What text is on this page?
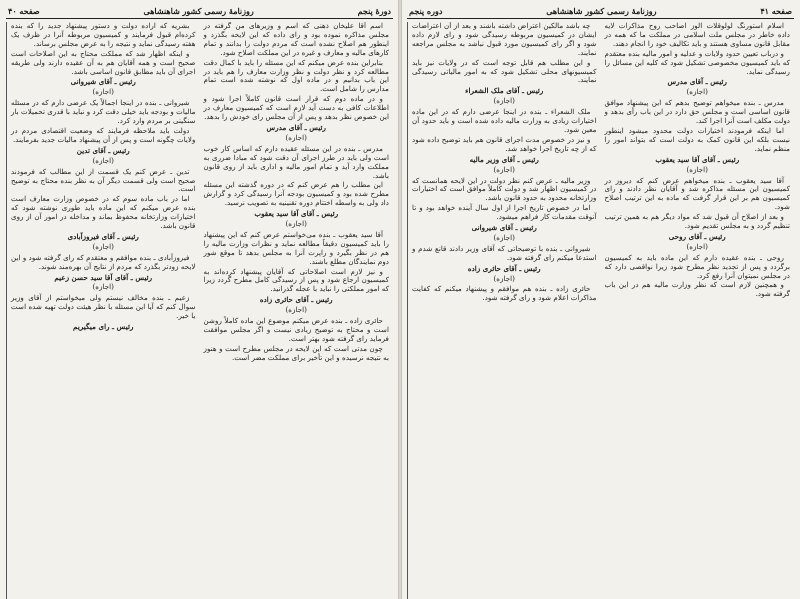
دورهٔ پنجم
روزنامهٔ رسمی کشور شاهنشاهی
صفحه ۴۰

اسم آقا علیخان ذهنی که اسم و وزیرهای من گرفته در مجلس مذاکره نموده بود و رای داده که این لایحه بگذرد و اینطور هم اصلاح نشده است که مردم دولت را بدانند و تمام کارهای مالیه و معارف و غیره در این مملکت اصلاح شود.

بنابراین بنده عرض میکنم که این مسئله را باید با کمال دقت مطالعه کرد و نظر دولت و نظر وزارت معارف را هم باید در این باب بدانیم و در ماده اول که نوشته شده است تمام مدارس را شامل است.

و در ماده دوم که قرار است قانون کاملاً اجرا شود و اطلاعات کافی به دست آید لازم است که کمیسیون معارف در این خصوص نظر بدهد و پس از آن مجلس رای خودش را بدهد.

رئیس ـ آقای مدرس

(اجازه)

مدرس ـ بنده در این مسئله عقیده دارم که اساس کار خوب است ولی باید در طرز اجرای آن دقت شود که مبادا ضرری به مملکت وارد آید و تمام امور مالیه و اداری باید از روی قانون باشد.

این مطلب را هم عرض کنم که در دوره گذشته این مسئله مطرح شده بود و کمیسیون بودجه آنرا رسیدگی کرد و گزارش داد ولی به واسطه اختتام دوره تقنینیه به تصویب نرسید.

رئیس ـ آقای آقا سید یعقوب

(اجازه)

آقا سید یعقوب ـ بنده می‌خواستم عرض کنم که این پیشنهاد را باید کمیسیون دقیقاً مطالعه نماید و نظرات وزارت مالیه را هم در نظر بگیرد و راپرت آنرا به مجلس بدهد تا موقع شور دوم نمایندگان مطلع باشند.

و نیز لازم است اصلاحاتی که آقایان پیشنهاد کرده‌اند به کمیسیون ارجاع شود و پس از رسیدگی کامل مطرح گردد زیرا که امور مملکتی را نباید با عجله گذرانید.

رئیس ـ آقای حائری زاده

(اجازه)

حائری زاده ـ بنده عرض میکنم موضوع این ماده کاملاً روشن است و محتاج به توضیح زیادی نیست و اگر مجلس موافقت فرماید رای گرفته شود بهتر است.

چون مدتی است که این لایحه در مجلس مطرح است و هنوز به نتیجه نرسیده و این تأخیر برای مملکت مضر است.

بشریه که اراده دولت و دستور پیشنهاد جدید را که بنده کرده‌ام قبول فرمایند و کمیسیون مربوطه آنرا در ظرف یک هفته رسیدگی نماید و نتیجه را به عرض مجلس برساند.

و اینکه اظهار شد که مملکت محتاج به این اصلاحات است صحیح است و همه آقایان هم به آن عقیده دارند ولی طریقه اجرای آن باید مطابق قانون اساسی باشد.

رئیس ـ آقای شیروانی

(اجازه)

شیروانی ـ بنده در اینجا اجمالاً یک عرضی دارم که در مسئله مالیات و بودجه باید خیلی دقت کرد و نباید با قدری تحمیلات بار سنگینی بر مردم وارد کرد.

دولت باید ملاحظه فرمایند که وضعیت اقتصادی مردم در ولایات چگونه است و پس از آن پیشنهاد مالیات جدید بفرمایند.

رئیس ـ آقای تدین

(اجازه)

تدین ـ عرض کنم یک قسمت از این مطالب که فرمودند صحیح است ولی قسمت دیگر آن به نظر بنده محتاج به توضیح است.

اما در باب ماده سوم که در خصوص وزارت معارف است بنده عرض میکنم که این ماده باید طوری نوشته شود که اختیارات وزارتخانه محفوظ بماند و مداخله در امور آن از روی قانون باشد.

رئیس ـ آقای فیروزآبادی

(اجازه)

فیروزآبادی ـ بنده موافقم و معتقدم که رای گرفته شود و این لایحه زودتر بگذرد که مردم از نتایج آن بهره‌مند شوند.

رئیس ـ آقای آقا سید حسن زعیم

(اجازه)

زعیم ـ بنده مخالف نیستم ولی میخواستم از آقای وزیر سوال کنم که آیا این مسئله با نظر هیئت دولت تهیه شده است یا خیر.

رئیس ـ رای میگیریم

صفحه ۴۱
روزنامهٔ رسمی کشور شاهنشاهی
دوره پنجم

اسلام استورنگ لولوقلات الوز اصاحب روح مذاکرات لایه داده خاطر در مجلس ملت اسلامی در مملکت ما که همه در مقابل قانون مساوی هستند و باید تکالیف خود را انجام دهند.

و درباب تعیین حدود ولایات و عدلیه و امور مالیه بنده معتقدم که باید کمیسیون مخصوصی تشکیل شود که کلیه این مسائل را رسیدگی نماید.

رئیس ـ آقای مدرس

(اجازه)

مدرس ـ بنده میخواهم توضیح بدهم که این پیشنهاد موافق قانون اساسی است و مجلس حق دارد در این باب رأی بدهد و دولت مکلف است آنرا اجرا کند.

اما اینکه فرمودند اختیارات دولت محدود میشود اینطور نیست بلکه این قانون کمک به دولت است که بتواند امور را منظم نماید.

رئیس ـ آقای آقا سید یعقوب

(اجازه)

آقا سید یعقوب ـ بنده میخواهم عرض کنم که دیروز در کمیسیون این مسئله مذاکره شد و آقایان نظر دادند و رای کمیسیون هم بر این قرار گرفت که ماده به این ترتیب اصلاح شود.

و بعد از اصلاح آن قبول شد که مواد دیگر هم به همین ترتیب تنظیم گردد و به مجلس تقدیم شود.

رئیس ـ آقای روحی

(اجازه)

روحی ـ بنده عقیده دارم که این ماده باید به کمیسیون برگردد و پس از تجدید نظر مطرح شود زیرا نواقصی دارد که در مجلس نمیتوان آنرا رفع کرد.

و همچنین لازم است که نظر وزارت مالیه هم در این باب گرفته شود.

چه باشد مالکین اعتراض داشته باشند و بعد از آن اعتراضات ایشان در کمیسیون مربوطه رسیدگی شود و رای لازم داده شود و اگر رای کمیسیون مورد قبول نباشد به مجلس مراجعه نمایند.

و این مطلب هم قابل توجه است که در ولایات نیز باید کمیسیونهای محلی تشکیل شود که به امور مالیاتی رسیدگی نمایند.

رئیس ـ آقای ملک الشعراء

(اجازه)

ملک الشعراء ـ بنده در اینجا عرضی دارم که در این ماده اختیارات زیادی به وزارت مالیه داده شده است و باید حدود آن معین شود.

و نیز در خصوص مدت اجرای قانون هم باید توضیح داده شود که از چه تاریخ اجرا خواهد شد.

رئیس ـ آقای وزیر مالیه

(اجازه)

وزیر مالیه ـ عرض کنم نظر دولت در این لایحه همانست که در کمیسیون اظهار شد و دولت کاملاً موافق است که اختیارات وزارتخانه محدود به حدود قانون باشد.

اما در خصوص تاریخ اجرا از اول سال آینده خواهد بود و تا آنوقت مقدمات کار فراهم میشود.

رئیس ـ آقای شیروانی

(اجازه)

شیروانی ـ بنده با توضیحاتی که آقای وزیر دادند قانع شدم و استدعا میکنم رای گرفته شود.

رئیس ـ آقای حائری زاده

(اجازه)

حائری زاده ـ بنده هم موافقم و پیشنهاد میکنم که کفایت مذاکرات اعلام شود و رای گرفته شود.
